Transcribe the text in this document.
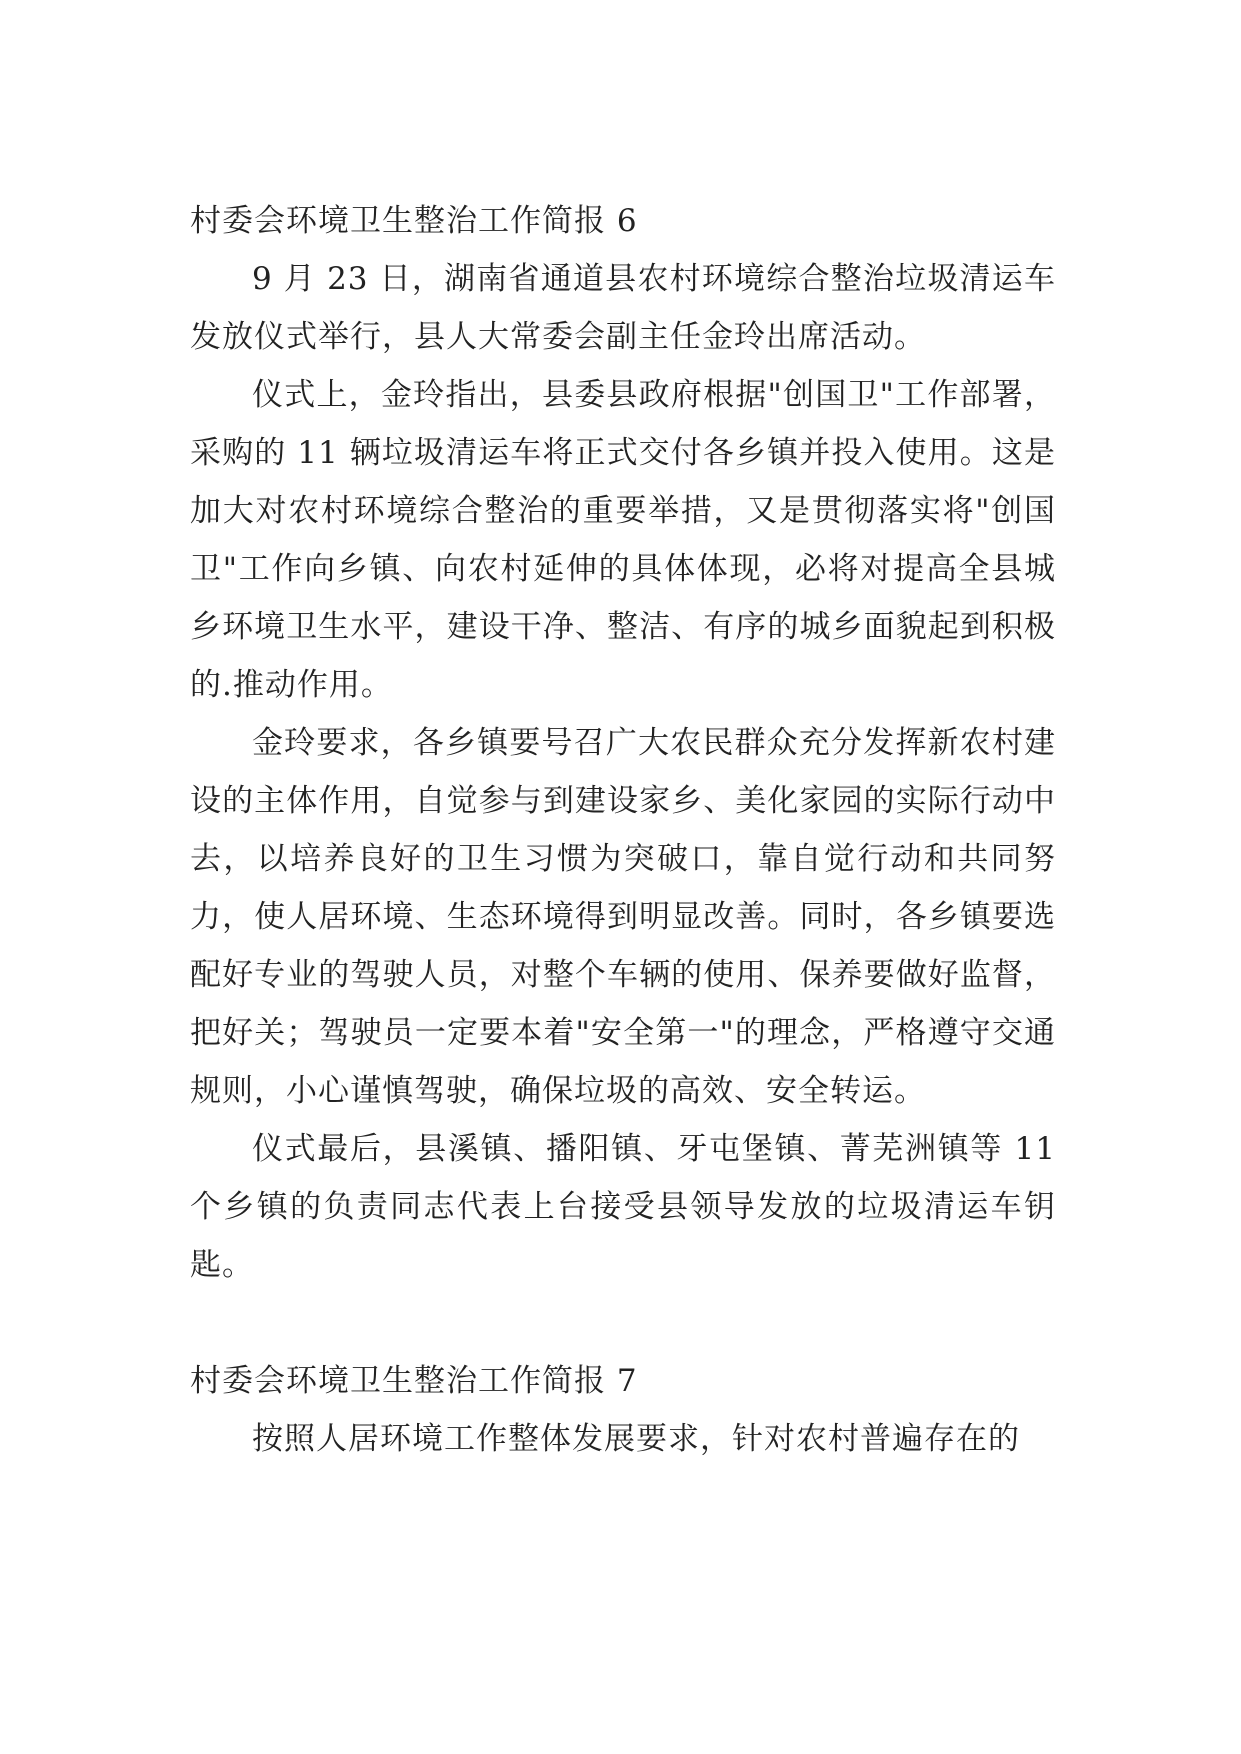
村委会环境卫生整治工作简报 6

9 月 23 日，湖南省通道县农村环境综合整治垃圾清运车发放仪式举行，县人大常委会副主任金玲出席活动。

仪式上，金玲指出，县委县政府根据"创国卫"工作部署，采购的 11 辆垃圾清运车将正式交付各乡镇并投入使用。这是加大对农村环境综合整治的重要举措，又是贯彻落实将"创国卫"工作向乡镇、向农村延伸的具体体现，必将对提高全县城乡环境卫生水平，建设干净、整洁、有序的城乡面貌起到积极的.推动作用。

金玲要求，各乡镇要号召广大农民群众充分发挥新农村建设的主体作用，自觉参与到建设家乡、美化家园的实际行动中去，以培养良好的卫生习惯为突破口，靠自觉行动和共同努力，使人居环境、生态环境得到明显改善。同时，各乡镇要选配好专业的驾驶人员，对整个车辆的使用、保养要做好监督，把好关；驾驶员一定要本着"安全第一"的理念，严格遵守交通规则，小心谨慎驾驶，确保垃圾的高效、安全转运。

仪式最后，县溪镇、播阳镇、牙屯堡镇、菁芜洲镇等 11 个乡镇的负责同志代表上台接受县领导发放的垃圾清运车钥匙。

村委会环境卫生整治工作简报 7

按照人居环境工作整体发展要求，针对农村普遍存在的
